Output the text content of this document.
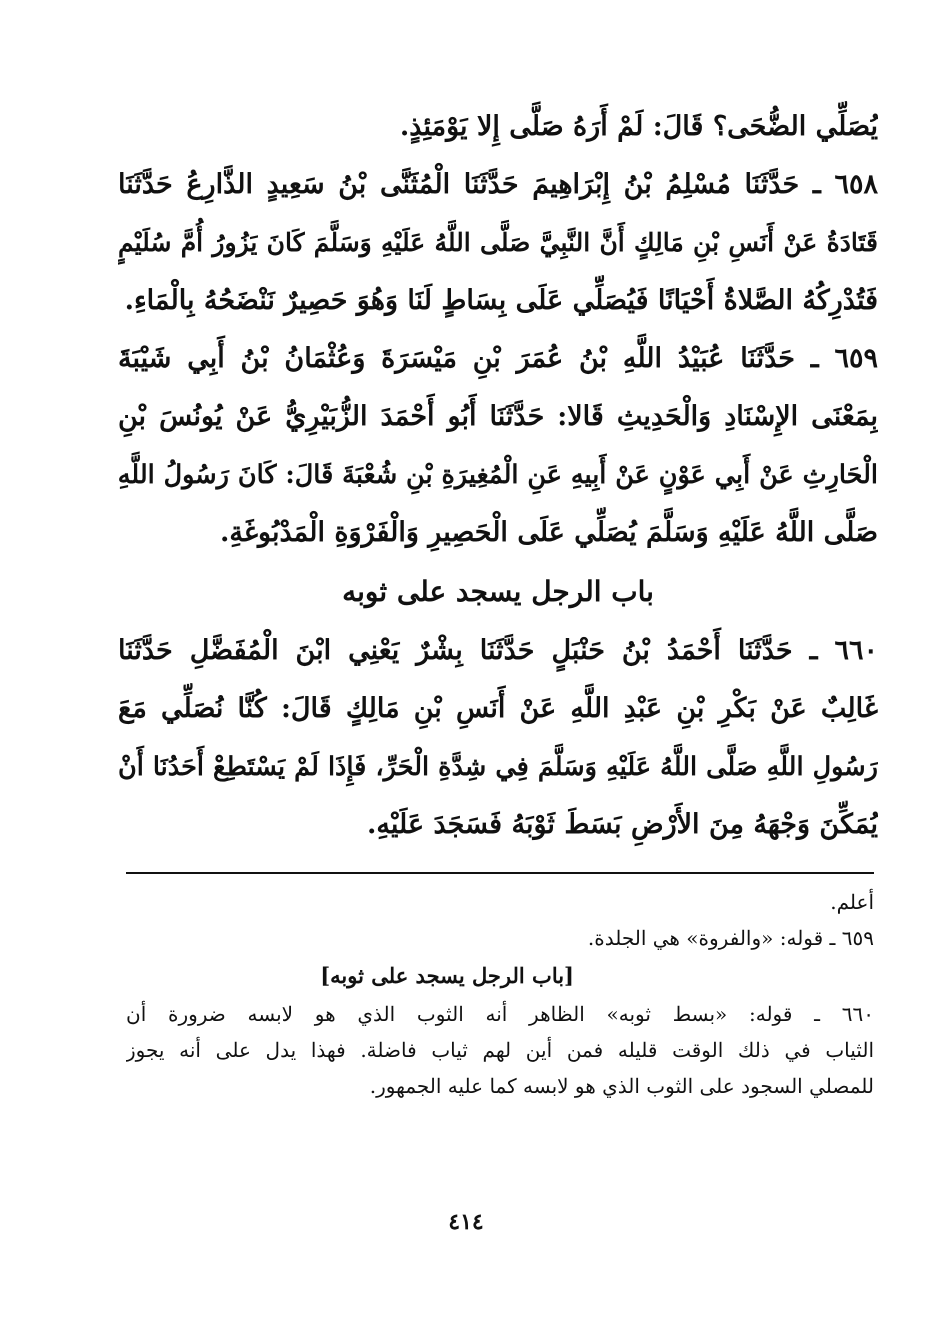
يُصَلِّي الضُّحَى؟ قَالَ: لَمْ أَرَهُ صَلَّى إِلا يَوْمَئِذٍ.
٦٥٨ ـ حَدَّثَنَا مُسْلِمُ بْنُ إِبْرَاهِيمَ حَدَّثَنَا الْمُثَنَّى بْنُ سَعِيدٍ الذَّارِعُ حَدَّثَنَا
قَتَادَةُ عَنْ أَنَسِ بْنِ مَالِكٍ أَنَّ النَّبِيَّ صَلَّى اللَّهُ عَلَيْهِ وَسَلَّمَ كَانَ يَزُورُ أُمَّ سُلَيْمٍ
فَتُدْرِكُهُ الصَّلاةُ أَحْيَانًا فَيُصَلِّي عَلَى بِسَاطٍ لَنَا وَهُوَ حَصِيرٌ نَنْضَحُهُ بِالْمَاءِ.
٦٥٩ ـ حَدَّثَنَا عُبَيْدُ اللَّهِ بْنُ عُمَرَ بْنِ مَيْسَرَةَ وَعُثْمَانُ بْنُ أَبِي شَيْبَةَ
بِمَعْنَى الإِسْنَادِ وَالْحَدِيثِ قَالا: حَدَّثَنَا أَبُو أَحْمَدَ الزُّبَيْرِيُّ عَنْ يُونُسَ بْنِ
الْحَارِثِ عَنْ أَبِي عَوْنٍ عَنْ أَبِيهِ عَنِ الْمُغِيرَةِ بْنِ شُعْبَةَ قَالَ: كَانَ رَسُولُ اللَّهِ
صَلَّى اللَّهُ عَلَيْهِ وَسَلَّمَ يُصَلِّي عَلَى الْحَصِيرِ وَالْفَرْوَةِ الْمَدْبُوغَةِ.
باب الرجل يسجد على ثوبه
٦٦٠ ـ حَدَّثَنَا أَحْمَدُ بْنُ حَنْبَلٍ حَدَّثَنَا بِشْرٌ يَعْنِي ابْنَ الْمُفَضَّلِ حَدَّثَنَا
غَالِبٌ عَنْ بَكْرِ بْنِ عَبْدِ اللَّهِ عَنْ أَنَسِ بْنِ مَالِكٍ قَالَ: كُنَّا نُصَلِّي مَعَ
رَسُولِ اللَّهِ صَلَّى اللَّهُ عَلَيْهِ وَسَلَّمَ فِي شِدَّةِ الْحَرِّ، فَإِذَا لَمْ يَسْتَطِعْ أَحَدُنَا أَنْ
يُمَكِّنَ وَجْهَهُ مِنَ الأَرْضِ بَسَطَ ثَوْبَهُ فَسَجَدَ عَلَيْهِ.
أعلم.
٦٥٩ ـ قوله: «والفروة» هي الجلدة.
[باب الرجل يسجد على ثوبه]
٦٦٠ ـ قوله: «بسط ثوبه» الظاهر أنه الثوب الذي هو لابسه ضرورة أن
الثياب في ذلك الوقت قليله فمن أين لهم ثياب فاضلة. فهذا يدل على أنه يجوز
للمصلي السجود على الثوب الذي هو لابسه كما عليه الجمهور.
٤١٤
